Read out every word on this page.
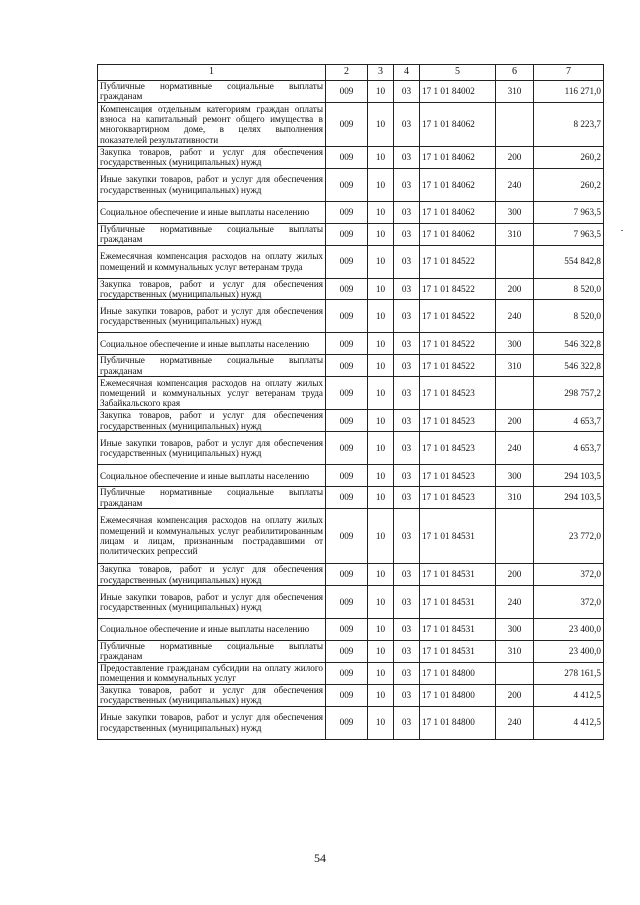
1	2	3	4	5	6	7
Публичные нормативные социальные выплаты гражданам	009	10	03	17 1 01 84002	310	116 271,0
Компенсация отдельным категориям граждан оплаты взноса на капитальный ремонт общего имущества в многоквартирном доме, в целях выполнения показателей результативности	009	10	03	17 1 01 84062		8 223,7
Закупка товаров, работ и услуг для обеспечения государственных (муниципальных) нужд	009	10	03	17 1 01 84062	200	260,2
Иные закупки товаров, работ и услуг для обеспечения государственных (муниципальных) нужд	009	10	03	17 1 01 84062	240	260,2
Социальное обеспечение и иные выплаты населению	009	10	03	17 1 01 84062	300	7 963,5
Публичные нормативные социальные выплаты гражданам	009	10	03	17 1 01 84062	310	7 963,5
Ежемесячная компенсация расходов на оплату жилых помещений и коммунальных услуг ветеранам труда	009	10	03	17 1 01 84522		554 842,8
Закупка товаров, работ и услуг для обеспечения государственных (муниципальных) нужд	009	10	03	17 1 01 84522	200	8 520,0
Иные закупки товаров, работ и услуг для обеспечения государственных (муниципальных) нужд	009	10	03	17 1 01 84522	240	8 520,0
Социальное обеспечение и иные выплаты населению	009	10	03	17 1 01 84522	300	546 322,8
Публичные нормативные социальные выплаты гражданам	009	10	03	17 1 01 84522	310	546 322,8
Ежемесячная компенсация расходов на оплату жилых помещений и коммунальных услуг ветеранам труда Забайкальского края	009	10	03	17 1 01 84523		298 757,2
Закупка товаров, работ и услуг для обеспечения государственных (муниципальных) нужд	009	10	03	17 1 01 84523	200	4 653,7
Иные закупки товаров, работ и услуг для обеспечения государственных (муниципальных) нужд	009	10	03	17 1 01 84523	240	4 653,7
Социальное обеспечение и иные выплаты населению	009	10	03	17 1 01 84523	300	294 103,5
Публичные нормативные социальные выплаты гражданам	009	10	03	17 1 01 84523	310	294 103,5
Ежемесячная компенсация расходов на оплату жилых помещений и коммунальных услуг реабилитированным лицам и лицам, признанным пострадавшими от политических репрессий	009	10	03	17 1 01 84531		23 772,0
Закупка товаров, работ и услуг для обеспечения государственных (муниципальных) нужд	009	10	03	17 1 01 84531	200	372,0
Иные закупки товаров, работ и услуг для обеспечения государственных (муниципальных) нужд	009	10	03	17 1 01 84531	240	372,0
Социальное обеспечение и иные выплаты населению	009	10	03	17 1 01 84531	300	23 400,0
Публичные нормативные социальные выплаты гражданам	009	10	03	17 1 01 84531	310	23 400,0
Предоставление гражданам субсидии на оплату жилого помещения и коммунальных услуг	009	10	03	17 1 01 84800		278 161,5
Закупка товаров, работ и услуг для обеспечения государственных (муниципальных) нужд	009	10	03	17 1 01 84800	200	4 412,5
Иные закупки товаров, работ и услуг для обеспечения государственных (муниципальных) нужд	009	10	03	17 1 01 84800	240	4 412,5
54
